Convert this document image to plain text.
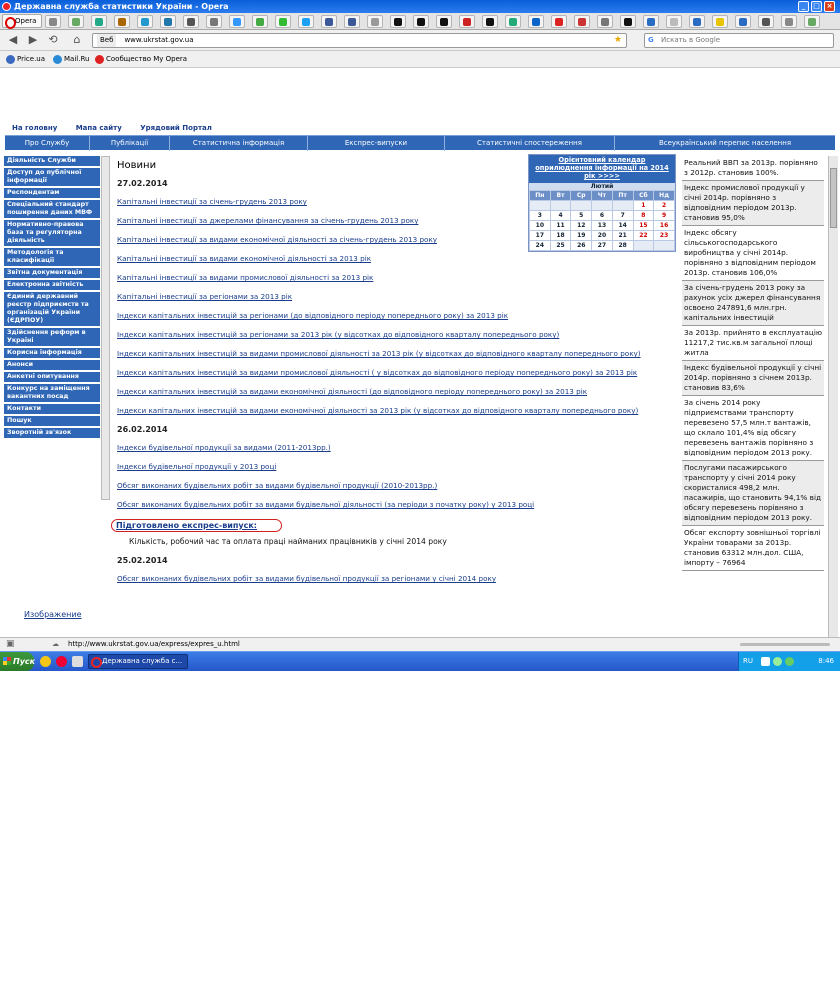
Державна служба статистики України - Opera	_	□ ×
Opera
◀ ▶ ⟲	⌂	Веб www.ukrstat.gov.ua	★	G Искать в Google
Price.ua	Mail.Ru Сообщество My Opera
На головну	Мапа сайту	Урядовий Портал
Про Службу	Публікації	Статистична інформація	Експрес-випуски	Статистичні спостереження	Всеукраїнський перепис населення
Діяльність Служби
Доступ до публічної інформації
Респондентам
Спеціальний стандарт поширення даних МВФ
Нормативно-правова база та регуляторна діяльність
Методологія та класифікації
Звітна документація
Електронна звітність
Єдиний державний реєстр підприємств та організацій України (ЄДРПОУ)
Здійснення реформ в Україні
Корисна інформація
Анонси
Анкетні опитування
Конкурс на заміщення вакантних посад
Контакти
Пошук
Зворотній зв'язок
Изображение
Новини
27.02.2014
Капітальні інвестиції за січень-грудень 2013 року
Капітальні інвестиції за джерелами фінансування за січень-грудень 2013 року
Капітальні інвестиції за видами економічної діяльності за січень-грудень 2013 року
Капітальні інвестиції за видами економічної діяльності за 2013 рік
Капітальні інвестиції за видами промислової діяльності за 2013 рік
Капітальні інвестиції за регіонами за 2013 рік
Індекси капітальних інвестицій за регіонами (до відповідного періоду попереднього року) за 2013 рік
Індекси капітальних інвестицій за регіонами за 2013 рік (у відсотках до відповідного кварталу попереднього року)
Індекси капітальних інвестицій за видами промислової діяльності за 2013 рік (у відсотках до відповідного кварталу попереднього року)
Індекси капітальних інвестицій за видами промислової діяльності ( у відсотках до відповідного періоду попереднього року) за 2013 рік
Індекси капітальних інвестицій за видами економічної діяльності (до відповідного періоду попереднього року) за 2013 рік
Індекси капітальних інвестицій за видами економічної діяльності за 2013 рік (у відсотках до відповідного кварталу попереднього року)
26.02.2014
Індекси будівельної продукції за видами (2011-2013рр.)
Індекси будівельної продукції у 2013 році
Обсяг виконаних будівельних робіт за видами будівельної продукції (2010-2013рр.)
Обсяг виконаних будівельних робіт за видами будівельної діяльності (за періоди з початку року) у 2013 році
Підготовлено експрес-випуск:
Кількість, робочий час та оплата праці найманих працівників у січні 2014 року
25.02.2014
Обсяг виконаних будівельних робіт за видами будівельної продукції за регіонами у січні 2014 року
Орієнтовний календар оприлюднення інформації на 2014 рік >>>>
Лютий
Пн	Вт	Ср	Чт	Пт	Сб	Нд
					1	2
3	4	5	6	7	8	9
10	11	12	13	14	15	16
17	18	19	20	21	22	23
24	25	26	27	28		
Реальний ВВП за 2013р. порівняно з 2012р. становив 100%.
Індекс промислової продукції у січні 2014р. порівняно з відповідним періодом 2013р. становив 95,0%
Індекс обсягу сільськогосподарського виробництва у січні 2014р. порівняно з відповідним періодом 2013р. становив 106,0%
За січень-грудень 2013 року за рахунок усіх джерел фінансування освоєно 247891,6 млн.грн. капітальних інвестицій
За 2013р. прийнято в експлуатацію 11217,2 тис.кв.м загальної площі житла
Індекс будівельної продукції у січні 2014р. порівняно з січнем 2013р. становив 83,6%
За січень 2014 року підприємствами транспорту перевезено 57,5 млн.т вантажів, що склало 101,4% від обсягу перевезень вантажів порівняно з відповідним періодом 2013 року.
Послугами пасажирського транспорту у січні 2014 року скористалися 498,2 млн. пасажирів, що становить 94,1% від обсягу перевезень порівняно з відповідним періодом 2013 року.
Обсяг експорту зовнішньої торгівлі України товарами за 2013р. становив 63312 млн.дол. США, імпорту – 76964
▣	☁ http://www.ukrstat.gov.ua/express/expres_u.html
Пуск	Державна служба с...	RU	8:46
